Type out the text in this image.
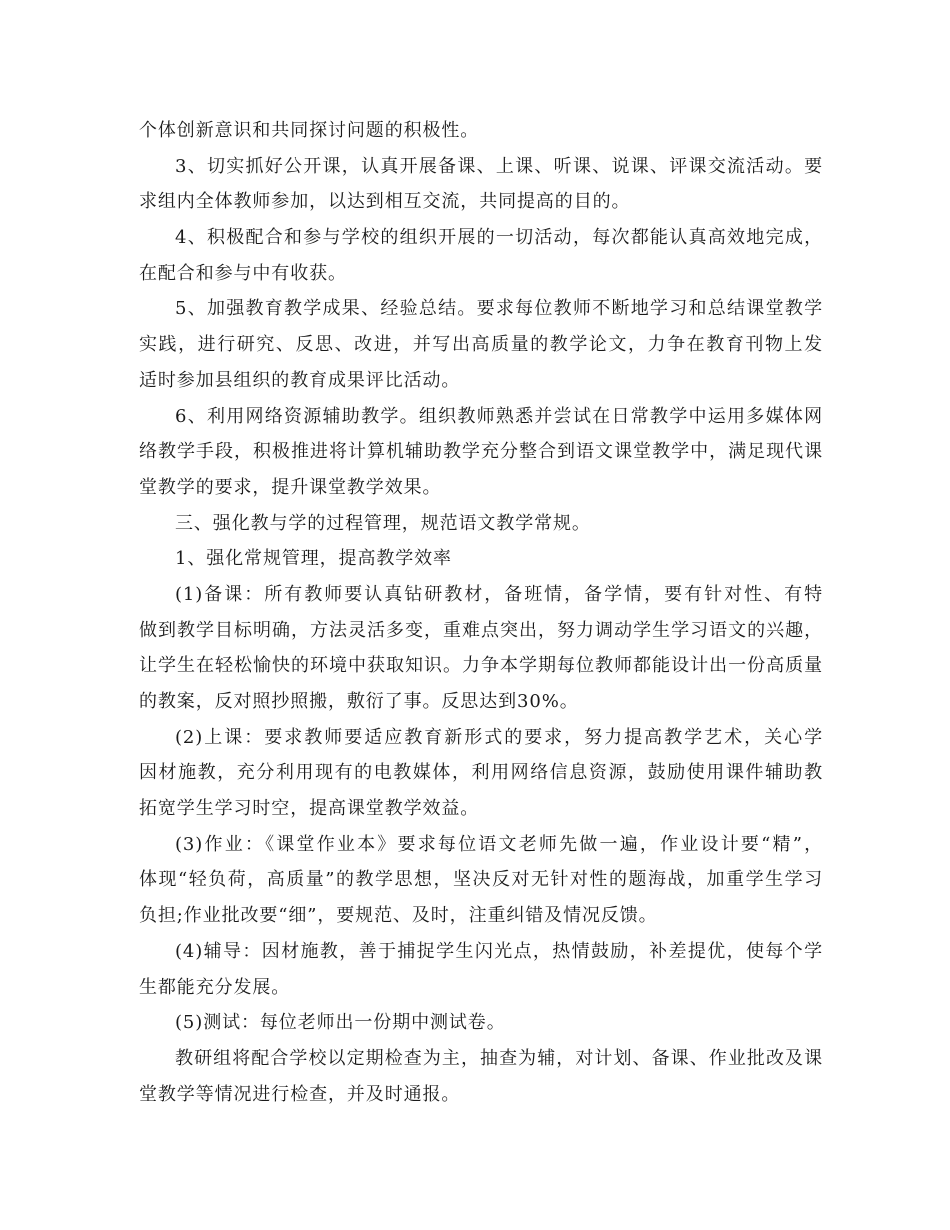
个体创新意识和共同探讨问题的积极性。
3、切实抓好公开课，认真开展备课、上课、听课、说课、评课交流活动。要
求组内全体教师参加，以达到相互交流，共同提高的目的。
4、积极配合和参与学校的组织开展的一切活动，每次都能认真高效地完成，
在配合和参与中有收获。
5、加强教育教学成果、经验总结。要求每位教师不断地学习和总结课堂教学
实践，进行研究、反思、改进，并写出高质量的教学论文，力争在教育刊物上发
适时参加县组织的教育成果评比活动。
6、利用网络资源辅助教学。组织教师熟悉并尝试在日常教学中运用多媒体网
络教学手段，积极推进将计算机辅助教学充分整合到语文课堂教学中，满足现代课
堂教学的要求，提升课堂教学效果。
三、强化教与学的过程管理，规范语文教学常规。
1、强化常规管理，提高教学效率
(1)备课：所有教师要认真钻研教材，备班情，备学情，要有针对性、有特
做到教学目标明确，方法灵活多变，重难点突出，努力调动学生学习语文的兴趣，
让学生在轻松愉快的环境中获取知识。力争本学期每位教师都能设计出一份高质量
的教案，反对照抄照搬，敷衍了事。反思达到30%。
(2)上课：要求教师要适应教育新形式的要求，努力提高教学艺术，关心学
因材施教，充分利用现有的电教媒体，利用网络信息资源，鼓励使用课件辅助教
拓宽学生学习时空，提高课堂教学效益。
(3)作业：《课堂作业本》要求每位语文老师先做一遍，作业设计要“精”，
体现“轻负荷，高质量”的教学思想，坚决反对无针对性的题海战，加重学生学习
负担;作业批改要“细”，要规范、及时，注重纠错及情况反馈。
(4)辅导：因材施教，善于捕捉学生闪光点，热情鼓励，补差提优，使每个学
生都能充分发展。
(5)测试：每位老师出一份期中测试卷。
教研组将配合学校以定期检查为主，抽查为辅，对计划、备课、作业批改及课
堂教学等情况进行检查，并及时通报。
